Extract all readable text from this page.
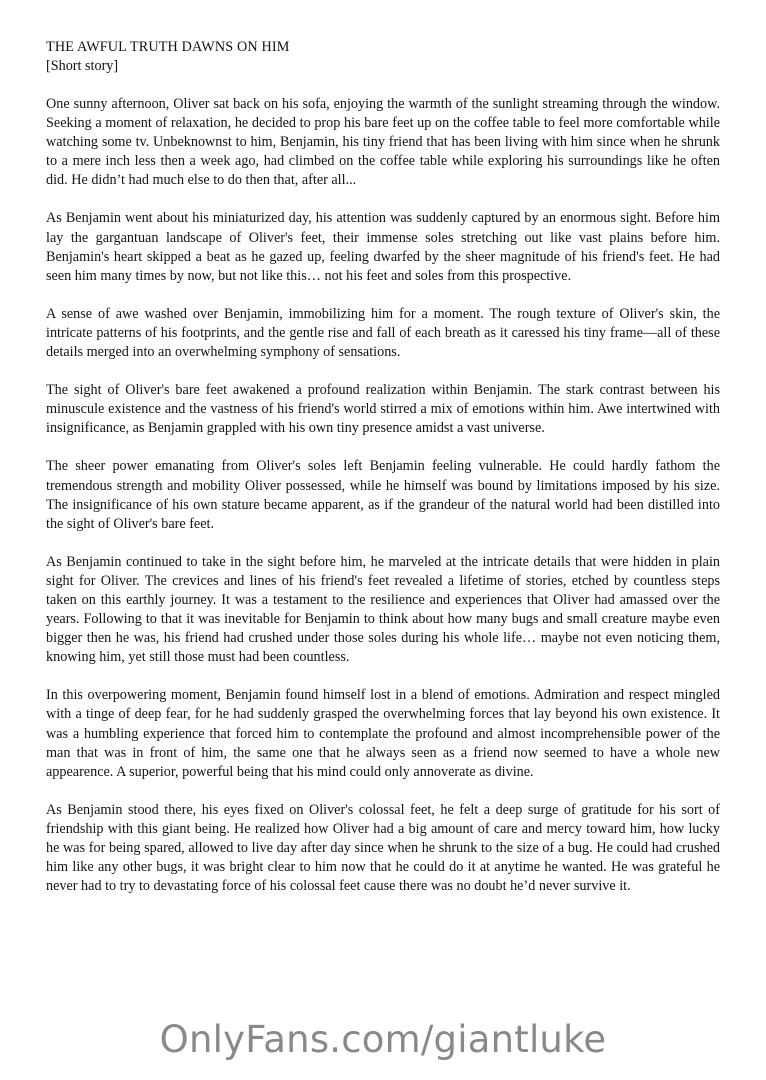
THE AWFUL TRUTH DAWNS ON HIM
[Short story]

One sunny afternoon, Oliver sat back on his sofa, enjoying the warmth of the sunlight streaming through the window. Seeking a moment of relaxation, he decided to prop his bare feet up on the coffee table to feel more comfortable while watching some tv. Unbeknownst to him, Benjamin, his tiny friend that has been living with him since when he shrunk to a mere inch less then a week ago, had climbed on the coffee table while exploring his surroundings like he often did. He didn’t had much else to do then that, after all...

As Benjamin went about his miniaturized day, his attention was suddenly captured by an enormous sight. Before him lay the gargantuan landscape of Oliver's feet, their immense soles stretching out like vast plains before him. Benjamin's heart skipped a beat as he gazed up, feeling dwarfed by the sheer magnitude of his friend's feet. He had seen him many times by now, but not like this… not his feet and soles from this prospective.

A sense of awe washed over Benjamin, immobilizing him for a moment. The rough texture of Oliver's skin, the intricate patterns of his footprints, and the gentle rise and fall of each breath as it caressed his tiny frame—all of these details merged into an overwhelming symphony of sensations.

The sight of Oliver's bare feet awakened a profound realization within Benjamin. The stark contrast between his minuscule existence and the vastness of his friend's world stirred a mix of emotions within him. Awe intertwined with insignificance, as Benjamin grappled with his own tiny presence amidst a vast universe.

The sheer power emanating from Oliver's soles left Benjamin feeling vulnerable. He could hardly fathom the tremendous strength and mobility Oliver possessed, while he himself was bound by limitations imposed by his size. The insignificance of his own stature became apparent, as if the grandeur of the natural world had been distilled into the sight of Oliver's bare feet.

As Benjamin continued to take in the sight before him, he marveled at the intricate details that were hidden in plain sight for Oliver. The crevices and lines of his friend's feet revealed a lifetime of stories, etched by countless steps taken on this earthly journey. It was a testament to the resilience and experiences that Oliver had amassed over the years. Following to that it was inevitable for Benjamin to think about how many bugs and small creature maybe even bigger then he was, his friend had crushed under those soles during his whole life… maybe not even noticing them, knowing him, yet still those must had been countless.

In this overpowering moment, Benjamin found himself lost in a blend of emotions. Admiration and respect mingled with a tinge of deep fear, for he had suddenly grasped the overwhelming forces that lay beyond his own existence. It was a humbling experience that forced him to contemplate the profound and almost incomprehensible power of the man that was in front of him, the same one that he always seen as a friend now seemed to have a whole new appearence. A superior, powerful being that his mind could only annoverate as divine.

As Benjamin stood there, his eyes fixed on Oliver's colossal feet, he felt a deep surge of gratitude for his sort of friendship with this giant being. He realized how Oliver had a big amount of care and mercy toward him, how lucky he was for being spared, allowed to live day after day since when he shrunk to the size of a bug. He could had crushed him like any other bugs, it was bright clear to him now that he could do it at anytime he wanted. He was grateful he never had to try to devastating force of his colossal feet cause there was no doubt he’d never survive it.

OnlyFans.com/giantluke
